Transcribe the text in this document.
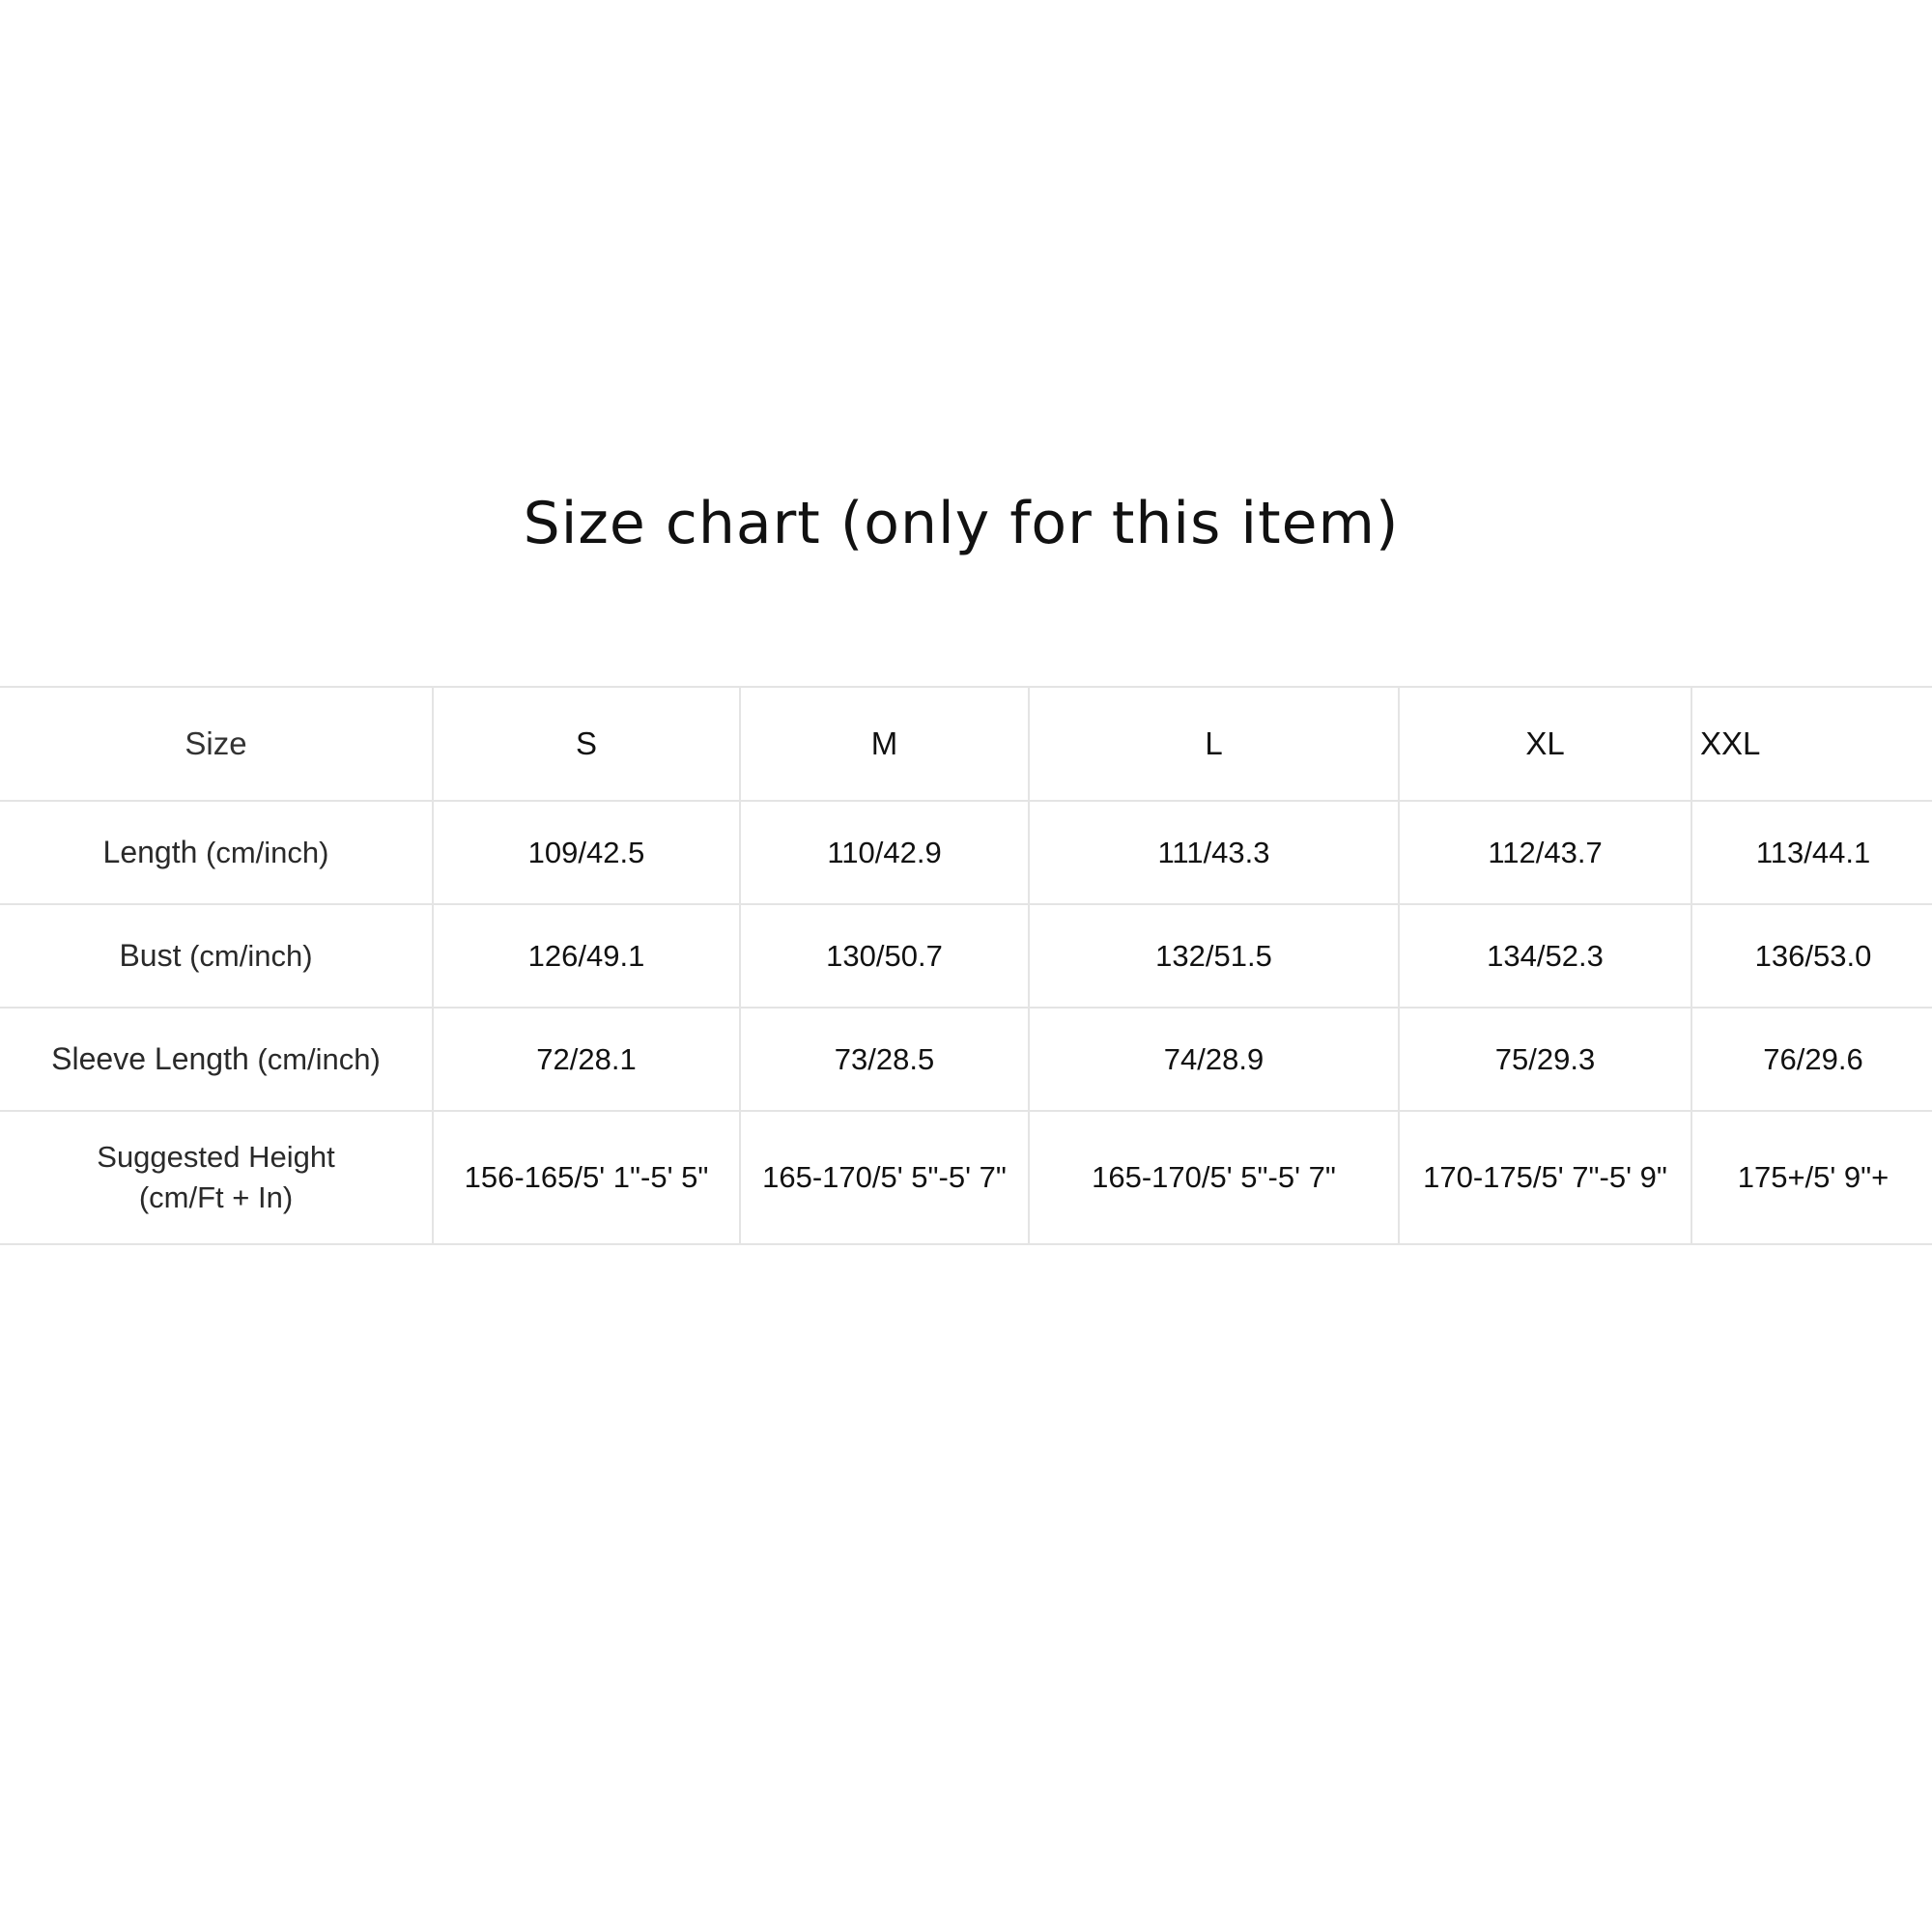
Size chart (only for this item)
Size	S	M	L	XL	XXL
Length (cm/inch)	109/42.5	110/42.9	111/43.3	112/43.7	113/44.1
Bust (cm/inch)	126/49.1	130/50.7	132/51.5	134/52.3	136/53.0
Sleeve Length (cm/inch)	72/28.1	73/28.5	74/28.9	75/29.3	76/29.6

Suggested Height
(cm/Ft + In)	156-165/5' 1"-5' 5"	165-170/5' 5"-5' 7"	165-170/5' 5"-5' 7"	170-175/5' 7"-5' 9"	175+/5' 9"+
